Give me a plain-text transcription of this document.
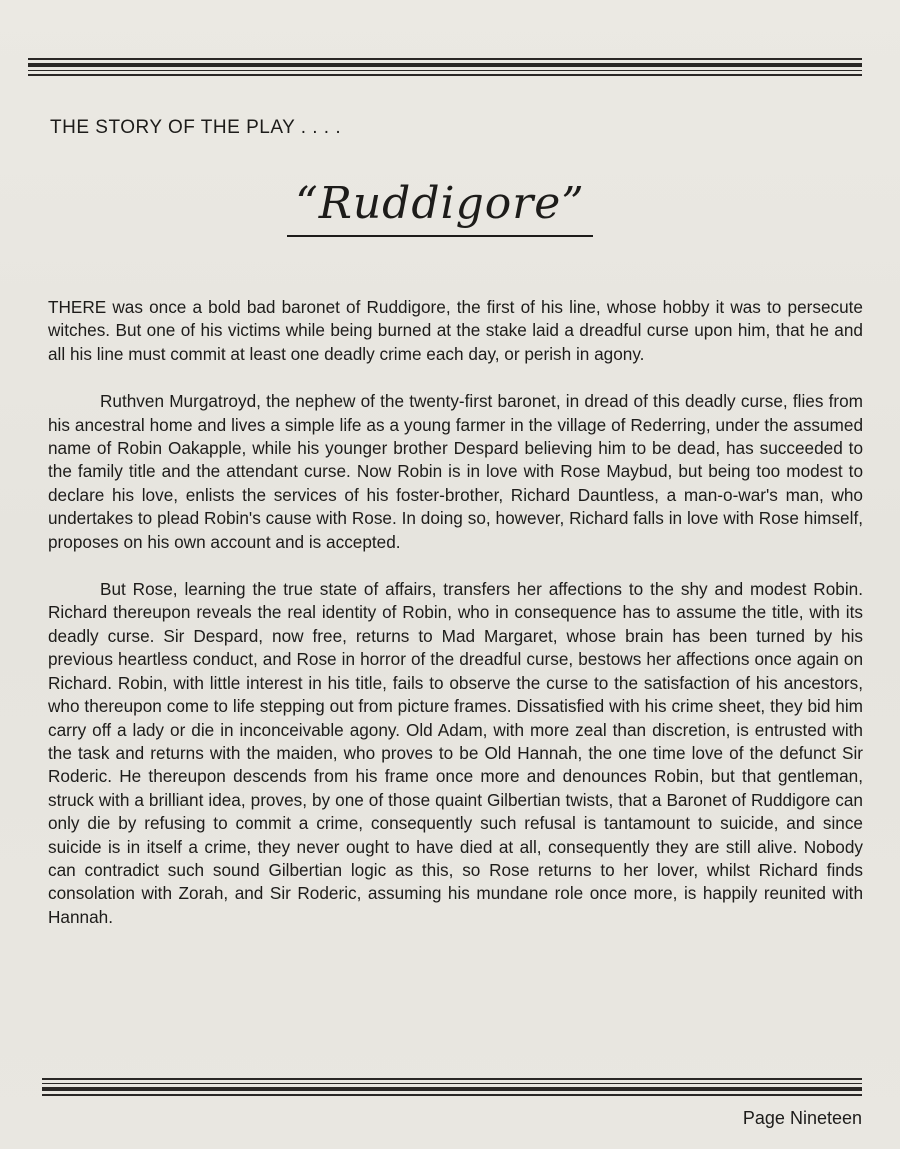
THE STORY OF THE PLAY . . . .
“Ruddigore”

THERE was once a bold bad baronet of Ruddigore, the first of his line, whose hobby it was to persecute witches. But one of his victims while being burned at the stake laid a dreadful curse upon him, that he and all his line must commit at least one deadly crime each day, or perish in agony.

Ruthven Murgatroyd, the nephew of the twenty-first baronet, in dread of this deadly curse, flies from his ancestral home and lives a simple life as a young farmer in the village of Rederring, under the assumed name of Robin Oakapple, while his younger brother Despard believing him to be dead, has succeeded to the family title and the attendant curse. Now Robin is in love with Rose Maybud, but being too modest to declare his love, enlists the services of his foster-brother, Richard Dauntless, a man-o-war's man, who undertakes to plead Robin's cause with Rose. In doing so, however, Richard falls in love with Rose himself, proposes on his own account and is accepted.

But Rose, learning the true state of affairs, transfers her affections to the shy and modest Robin. Richard thereupon reveals the real identity of Robin, who in consequence has to assume the title, with its deadly curse. Sir Despard, now free, returns to Mad Margaret, whose brain has been turned by his previous heartless conduct, and Rose in horror of the dreadful curse, bestows her affections once again on Richard. Robin, with little interest in his title, fails to observe the curse to the satisfaction of his ancestors, who thereupon come to life stepping out from picture frames. Dissatisfied with his crime sheet, they bid him carry off a lady or die in inconceivable agony. Old Adam, with more zeal than discretion, is entrusted with the task and returns with the maiden, who proves to be Old Hannah, the one time love of the defunct Sir Roderic. He thereupon descends from his frame once more and denounces Robin, but that gentleman, struck with a brilliant idea, proves, by one of those quaint Gilbertian twists, that a Baronet of Ruddigore can only die by refusing to commit a crime, consequently such refusal is tantamount to suicide, and since suicide is in itself a crime, they never ought to have died at all, consequently they are still alive. Nobody can contradict such sound Gilbertian logic as this, so Rose returns to her lover, whilst Richard finds consolation with Zorah, and Sir Roderic, assuming his mundane role once more, is happily reunited with Hannah.

Page Nineteen
